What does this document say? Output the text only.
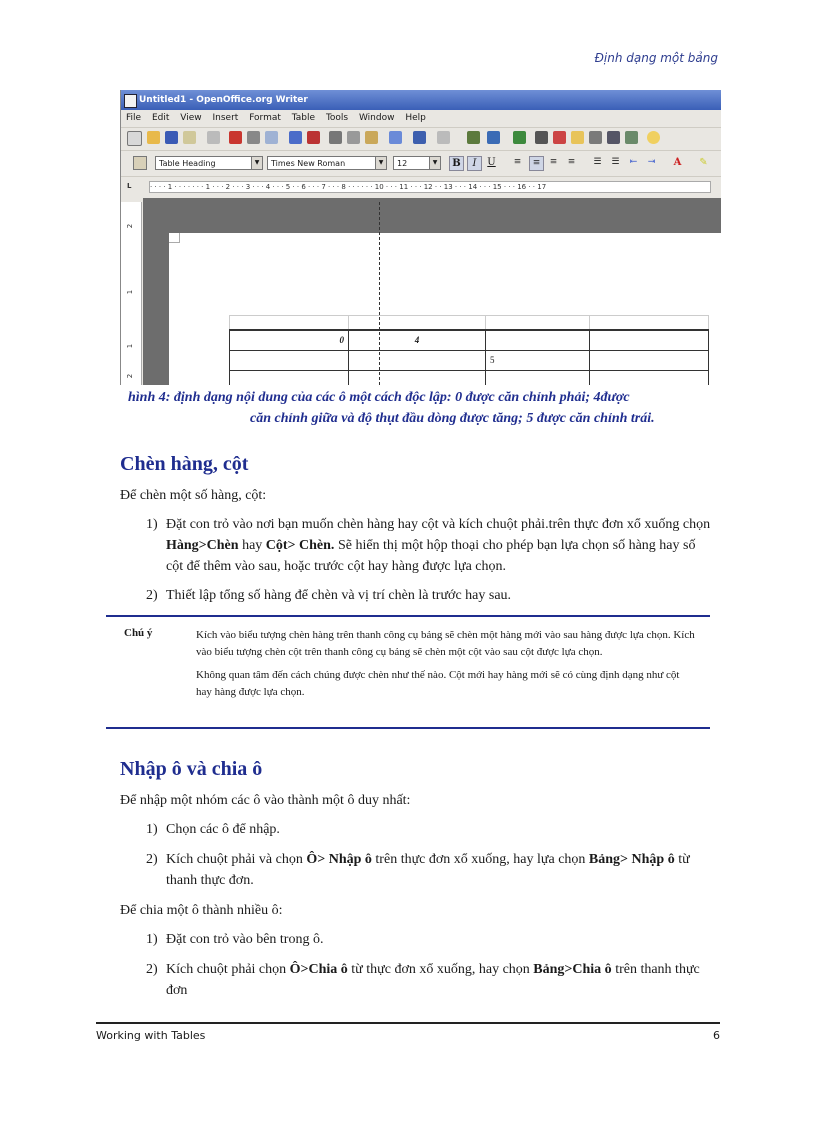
Định dạng một bảng
Untitled1 - OpenOffice.org Writer
File Edit View Insert Format Table Tools Window Help
Table Heading	▼	Times New Roman	▼	12	▼	B	I	U	≡	≡	≡	≡	☰ ☰	⇤	⇥ A ✎
L	· · · · 1 · · · · · · · 1 · · · 2 · · · 3 · · · 4 · · · 5 · · 6 · · · 7 · · · 8 · · · · · · 10 · · · 11 · · · 12 · · 13 · · · 14 · · · 15 · · · 16 · · 17
2
1
1
2

0	4		
		5	

hình 4: định dạng nội dung của các ô một cách độc lập: 0 được căn chỉnh phải; 4được
căn chỉnh giữa và độ thụt đầu dòng được tăng; 5 được căn chỉnh trái.
Chèn hàng, cột
Để chèn một số hàng, cột:
1) Đặt con trỏ vào nơi bạn muốn chèn hàng hay cột và kích chuột phải.trên thực đơn xổ xuống chọn Hàng>Chèn hay Cột> Chèn. Sẽ hiển thị một hộp thoại cho phép bạn lựa chọn số hàng hay số cột để thêm vào sau, hoặc trước cột hay hàng được lựa chọn.
2) Thiết lập tổng số hàng để chèn và vị trí chèn là trước hay sau.
Chú ý	Kích vào biểu tượng chèn hàng trên thanh công cụ bảng sẽ chèn một hàng mới vào sau hàng được lựa chọn. Kích vào biểu tượng chèn cột trên thanh công cụ bảng sẽ chèn một cột vào sau cột được lựa chọn.

Không quan tâm đến cách chúng được chèn như thế nào. Cột mới hay hàng mới sẽ có cùng định dạng như cột hay hàng được lựa chọn.

Nhập ô và chia ô
Để nhập một nhóm các ô vào thành một ô duy nhất:
1) Chọn các ô để nhập.
2) Kích chuột phải và chọn Ô> Nhập ô trên thực đơn xổ xuống, hay lựa chọn Bảng> Nhập ô từ thanh thực đơn.
Để chia một ô thành nhiều ô:
1) Đặt con trỏ vào bên trong ô.
2) Kích chuột phải chọn Ô>Chia ô từ thực đơn xổ xuống, hay chọn Bảng>Chia ô trên thanh thực đơn
Working with Tables	6
